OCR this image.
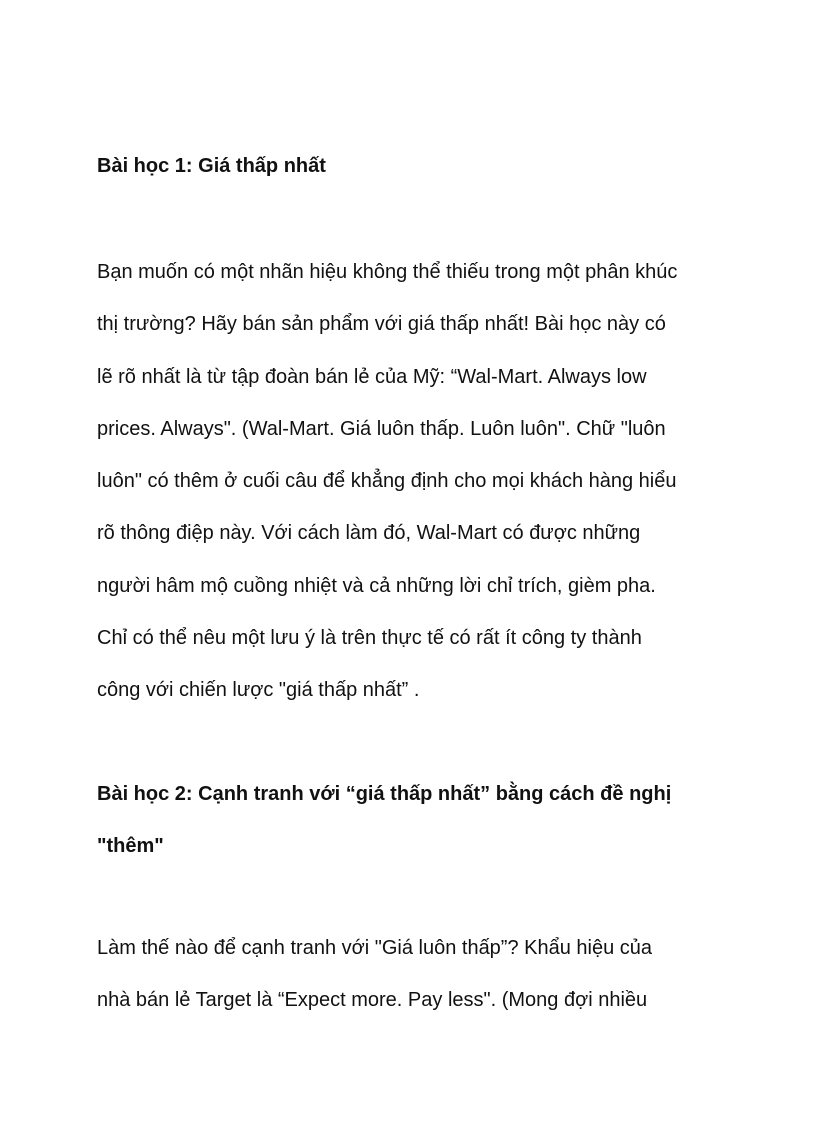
Bài học 1: Giá thấp nhất
Bạn muốn có một nhãn hiệu không thể thiếu trong một phân khúc
thị trường? Hãy bán sản phẩm với giá thấp nhất! Bài học này có
lẽ rõ nhất là từ tập đoàn bán lẻ của Mỹ: “Wal-Mart. Always low
prices. Always". (Wal-Mart. Giá luôn thấp. Luôn luôn". Chữ "luôn
luôn" có thêm ở cuối câu để khẳng định cho mọi khách hàng hiểu
rõ thông điệp này. Với cách làm đó, Wal-Mart có được những
người hâm mộ cuồng nhiệt và cả những lời chỉ trích, gièm pha.
Chỉ có thể nêu một lưu ý là trên thực tế có rất ít công ty thành
công với chiến lược "giá thấp nhất” .
Bài học 2: Cạnh tranh với “giá thấp nhất” bằng cách đề nghị
"thêm"
Làm thế nào để cạnh tranh với "Giá luôn thấp”? Khẩu hiệu của
nhà bán lẻ Target là “Expect more. Pay less". (Mong đợi nhiều
